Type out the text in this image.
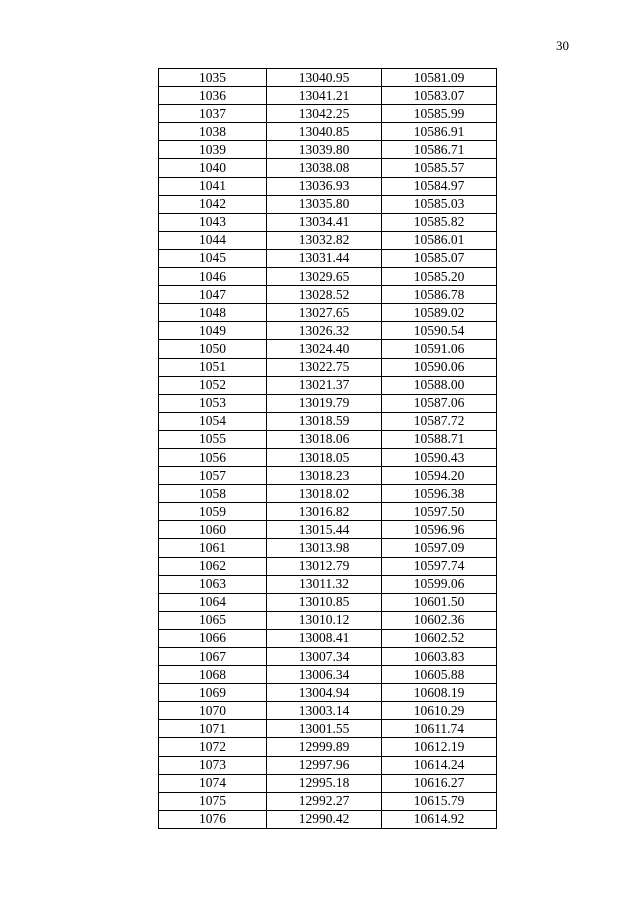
30
1035	13040.95	10581.09
1036	13041.21	10583.07
1037	13042.25	10585.99
1038	13040.85	10586.91
1039	13039.80	10586.71
1040	13038.08	10585.57
1041	13036.93	10584.97
1042	13035.80	10585.03
1043	13034.41	10585.82
1044	13032.82	10586.01
1045	13031.44	10585.07
1046	13029.65	10585.20
1047	13028.52	10586.78
1048	13027.65	10589.02
1049	13026.32	10590.54
1050	13024.40	10591.06
1051	13022.75	10590.06
1052	13021.37	10588.00
1053	13019.79	10587.06
1054	13018.59	10587.72
1055	13018.06	10588.71
1056	13018.05	10590.43
1057	13018.23	10594.20
1058	13018.02	10596.38
1059	13016.82	10597.50
1060	13015.44	10596.96
1061	13013.98	10597.09
1062	13012.79	10597.74
1063	13011.32	10599.06
1064	13010.85	10601.50
1065	13010.12	10602.36
1066	13008.41	10602.52
1067	13007.34	10603.83
1068	13006.34	10605.88
1069	13004.94	10608.19
1070	13003.14	10610.29
1071	13001.55	10611.74
1072	12999.89	10612.19
1073	12997.96	10614.24
1074	12995.18	10616.27
1075	12992.27	10615.79
1076	12990.42	10614.92
